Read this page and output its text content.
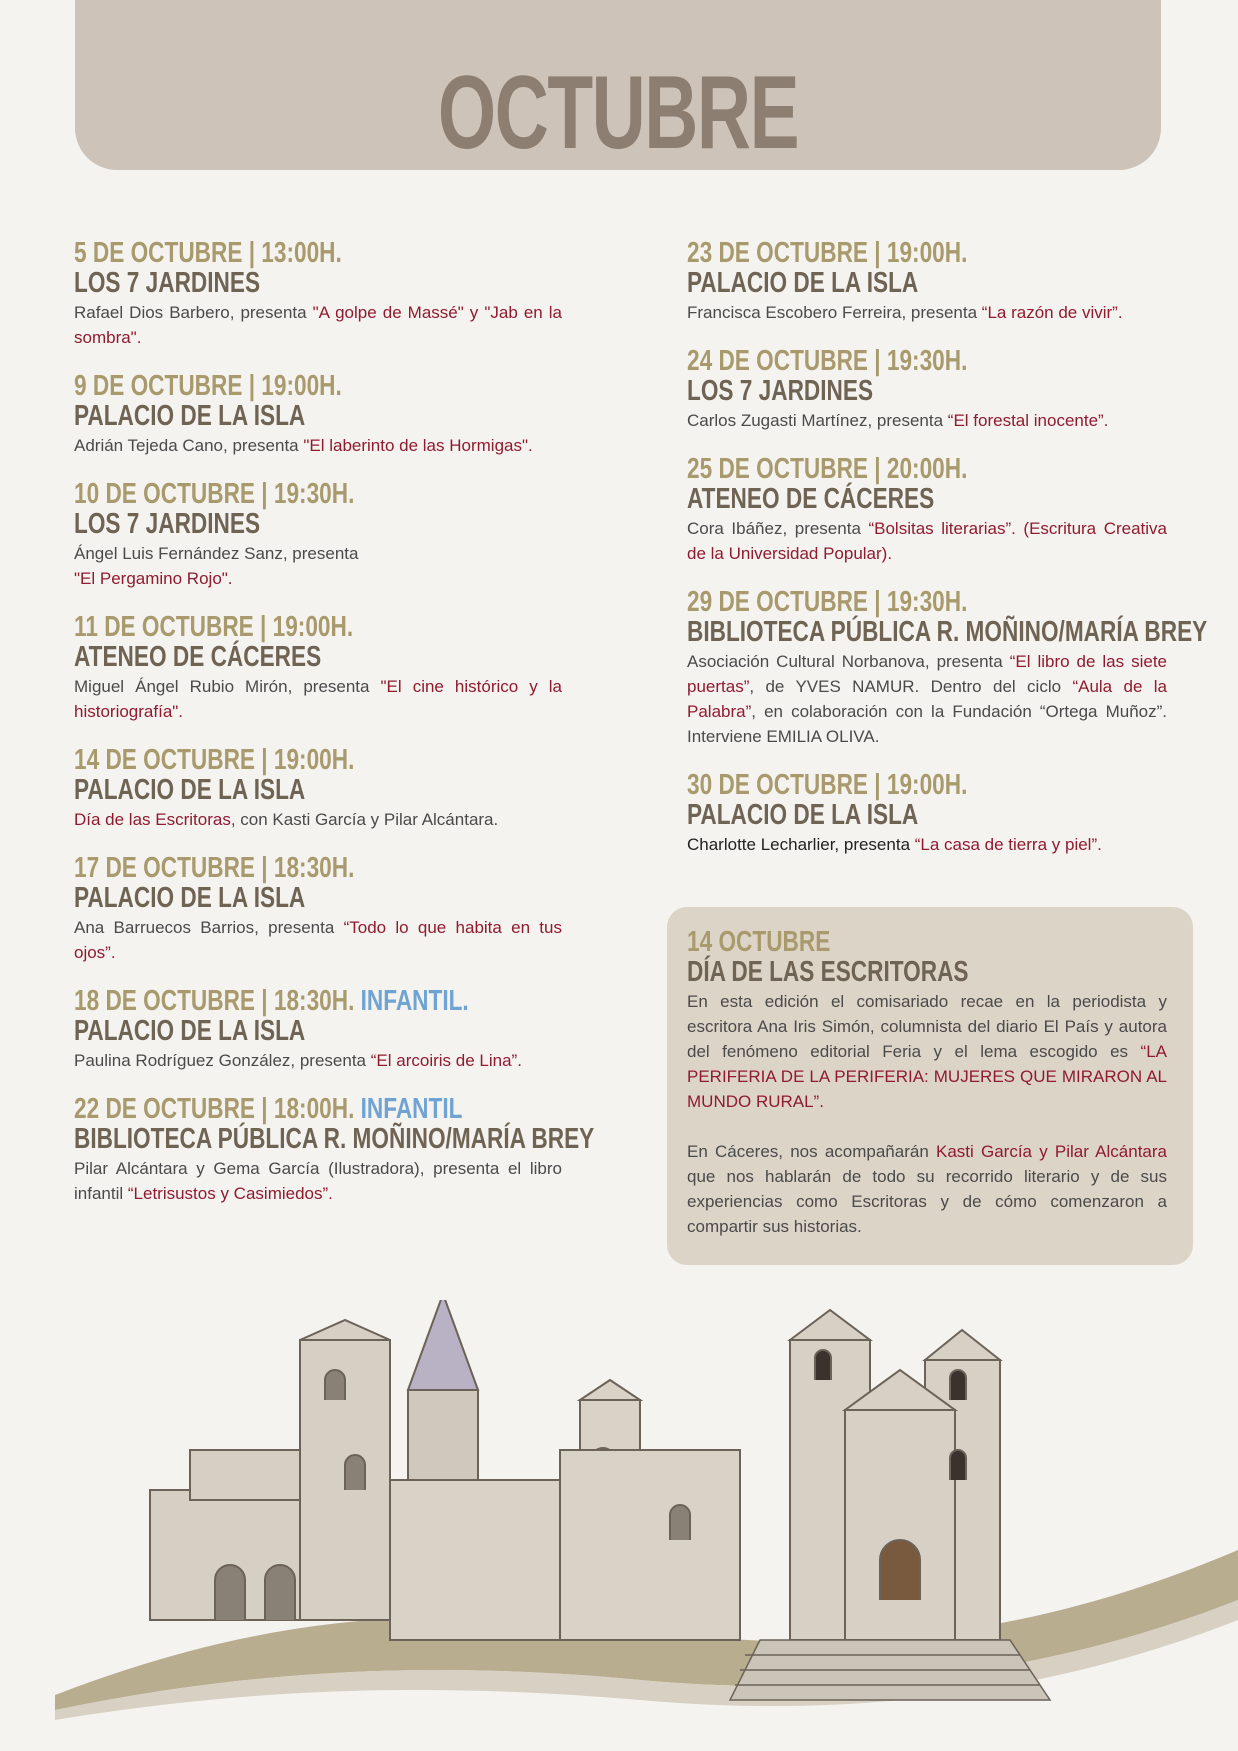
OCTUBRE
5 DE OCTUBRE | 13:00H.
LOS 7 JARDINES
Rafael Dios Barbero, presenta "A golpe de Massé" y "Jab en la sombra".
9 DE OCTUBRE | 19:00H.
PALACIO DE LA ISLA
Adrián Tejeda Cano, presenta "El laberinto de las Hormigas".
10 DE OCTUBRE | 19:30H.
LOS 7 JARDINES
Ángel Luis Fernández Sanz, presenta
"El Pergamino Rojo".
11 DE OCTUBRE | 19:00H.
ATENEO DE CÁCERES
Miguel Ángel Rubio Mirón, presenta "El cine histórico y la historiografía".
14 DE OCTUBRE | 19:00H.
PALACIO DE LA ISLA
Día de las Escritoras, con Kasti García y Pilar Alcántara.
17 DE OCTUBRE | 18:30H.
PALACIO DE LA ISLA
Ana Barruecos Barrios, presenta “Todo lo que habita en tus ojos”.
18 DE OCTUBRE | 18:30H. INFANTIL.
PALACIO DE LA ISLA
Paulina Rodríguez González, presenta “El arcoiris de Lina”.
22 DE OCTUBRE | 18:00H. INFANTIL
BIBLIOTECA PÚBLICA R. MOÑINO/MARÍA BREY
Pilar Alcántara y Gema García (Ilustradora), presenta el libro infantil “Letrisustos y Casimiedos”.
23 DE OCTUBRE | 19:00H.
PALACIO DE LA ISLA
Francisca Escobero Ferreira, presenta “La razón de vivir”.
24 DE OCTUBRE | 19:30H.
LOS 7 JARDINES
Carlos Zugasti Martínez, presenta “El forestal inocente”.
25 DE OCTUBRE | 20:00H.
ATENEO DE CÁCERES
Cora Ibáñez, presenta “Bolsitas literarias”. (Escritura Creativa de la Universidad Popular).
29 DE OCTUBRE | 19:30H.
BIBLIOTECA PÚBLICA R. MOÑINO/MARÍA BREY
Asociación Cultural Norbanova, presenta “El libro de las siete puertas”, de YVES NAMUR. Dentro del ciclo “Aula de la Palabra”, en colaboración con la Fundación “Ortega Muñoz”. Interviene EMILIA OLIVA.
30 DE OCTUBRE | 19:00H.
PALACIO DE LA ISLA
Charlotte Lecharlier, presenta “La casa de tierra y piel”.
14 OCTUBRE
DÍA DE LAS ESCRITORAS

En esta edición el comisariado recae en la periodista y escritora Ana Iris Simón, columnista del diario El País y autora del fenómeno editorial Feria y el lema escogido es “LA PERIFERIA DE LA PERIFERIA: MUJERES QUE MIRARON AL MUNDO RURAL”.

En Cáceres, nos acompañarán Kasti García y Pilar Alcántara que nos hablarán de todo su recorrido literario y de sus experiencias como Escritoras y de cómo comenzaron a compartir sus historias.
